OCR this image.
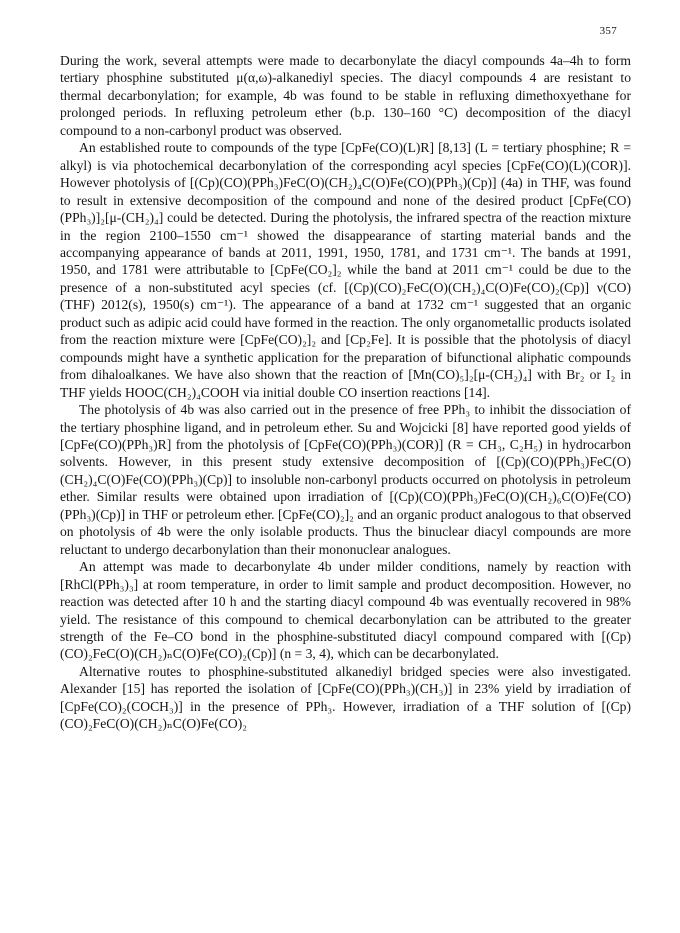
357

During the work, several attempts were made to decarbonylate the diacyl compounds 4a–4h to form tertiary phosphine substituted μ(α,ω)-alkanediyl species. The diacyl compounds 4 are resistant to thermal decarbonylation; for example, 4b was found to be stable in refluxing dimethoxyethane for prolonged periods. In refluxing petroleum ether (b.p. 130–160 °C) decomposition of the diacyl compound to a non-carbonyl product was observed.

An established route to compounds of the type [CpFe(CO)(L)R] [8,13] (L = tertiary phosphine; R = alkyl) is via photochemical decarbonylation of the corresponding acyl species [CpFe(CO)(L)(COR)]. However photolysis of [(Cp)(CO)(PPh₃)FeC(O)(CH₂)₄C(O)Fe(CO)(PPh₃)(Cp)] (4a) in THF, was found to result in extensive decomposition of the compound and none of the desired product [CpFe(CO)(PPh₃)]₂[μ-(CH₂)₄] could be detected. During the photolysis, the infrared spectra of the reaction mixture in the region 2100–1550 cm⁻¹ showed the disappearance of starting material bands and the accompanying appearance of bands at 2011, 1991, 1950, 1781, and 1731 cm⁻¹. The bands at 1991, 1950, and 1781 were attributable to [CpFe(CO₂]₂ while the band at 2011 cm⁻¹ could be due to the presence of a non-substituted acyl species (cf. [(Cp)(CO)₂FeC(O)(CH₂)₄C(O)Fe(CO)₂(Cp)] ν(CO) (THF) 2012(s), 1950(s) cm⁻¹). The appearance of a band at 1732 cm⁻¹ suggested that an organic product such as adipic acid could have formed in the reaction. The only organometallic products isolated from the reaction mixture were [CpFe(CO)₂]₂ and [Cp₂Fe]. It is possible that the photolysis of diacyl compounds might have a synthetic application for the preparation of bifunctional aliphatic compounds from dihaloalkanes. We have also shown that the reaction of [Mn(CO)₅]₂[μ-(CH₂)₄] with Br₂ or I₂ in THF yields HOOC(CH₂)₄COOH via initial double CO insertion reactions [14].

The photolysis of 4b was also carried out in the presence of free PPh₃ to inhibit the dissociation of the tertiary phosphine ligand, and in petroleum ether. Su and Wojcicki [8] have reported good yields of [CpFe(CO)(PPh₃)R] from the photolysis of [CpFe(CO)(PPh₃)(COR)] (R = CH₃, C₂H₅) in hydrocarbon solvents. However, in this present study extensive decomposition of [(Cp)(CO)(PPh₃)FeC(O)(CH₂)₄C(O)Fe(CO)(PPh₃)(Cp)] to insoluble non-carbonyl products occurred on photolysis in petroleum ether. Similar results were obtained upon irradiation of [(Cp)(CO)(PPh₃)FeC(O)(CH₂)₆C(O)Fe(CO)(PPh₃)(Cp)] in THF or petroleum ether. [CpFe(CO)₂]₂ and an organic product analogous to that observed on photolysis of 4b were the only isolable products. Thus the binuclear diacyl compounds are more reluctant to undergo decarbonylation than their mononuclear analogues.

An attempt was made to decarbonylate 4b under milder conditions, namely by reaction with [RhCl(PPh₃)₃] at room temperature, in order to limit sample and product decomposition. However, no reaction was detected after 10 h and the starting diacyl compound 4b was eventually recovered in 98% yield. The resistance of this compound to chemical decarbonylation can be attributed to the greater strength of the Fe–CO bond in the phosphine-substituted diacyl compound compared with [(Cp)(CO)₂FeC(O)(CH₂)ₙC(O)Fe(CO)₂(Cp)] (n = 3, 4), which can be decarbonylated.

Alternative routes to phosphine-substituted alkanediyl bridged species were also investigated. Alexander [15] has reported the isolation of [CpFe(CO)(PPh₃)(CH₃)] in 23% yield by irradiation of [CpFe(CO)₂(COCH₃)] in the presence of PPh₃. However, irradiation of a THF solution of [(Cp)(CO)₂FeC(O)(CH₂)ₙC(O)Fe(CO)₂
